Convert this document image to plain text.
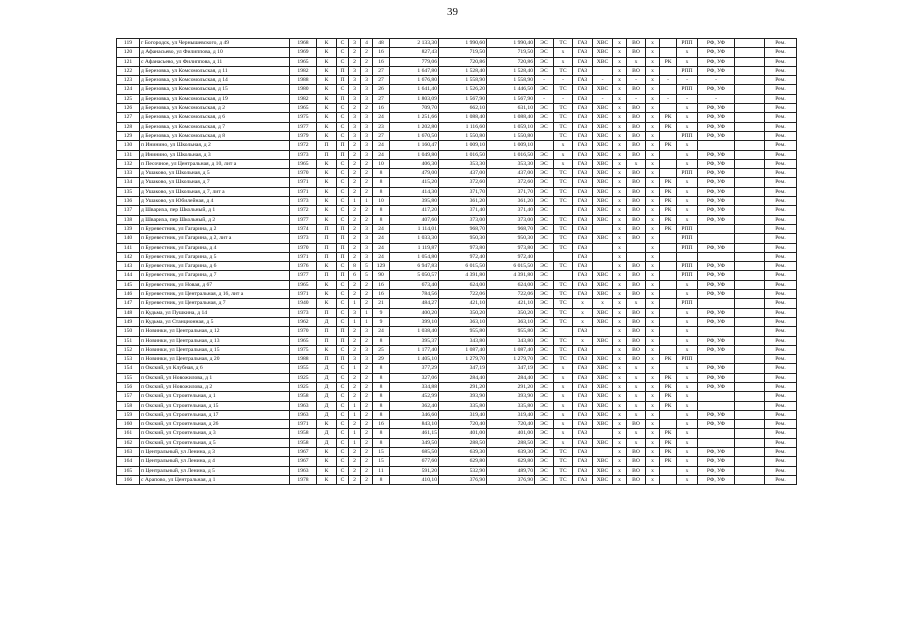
39
119	г Богородск, ул Чернышевского, д 49	1968	К	С	3	4	48	2 133,30	1 990,60	1 990,40	ЭС	ТС	ГАЗ	ХВС	х	ВО	х		РПП	РФ, УФ		Рем.
120	д Афанасьево, ул Филиппова, д 10	1969	К	С	2	2	16	827,43	719,50	719,50	ЭС	х	ГАЗ	ХВС	х	ВО	х		х	РФ, УФ		Рем.
121	с Афанасьево, ул Филиппова, д 11	1965	К	С	2	2	16	779,06	720,86	720,86	ЭС	х	ГАЗ	ХВС	х	х	х	РК	х	РФ, УФ		Рем.
122	д Березовка, ул Комсомольская, д 11	1982	К	П	3	3	27	1 647,80	1 528,40	1 528,40	ЭС	ТС	ГАЗ		х	ВО	х		РПП	РФ, УФ		Рем.
123	д Березовка, ул Комсомольская, д 14	1988	К	П	3	3	27	1 676,80	1 558,90	1 558,90	-	-	ГАЗ	-	х	-	х	-	-	-		Рем.
124	д Березовка, ул Комсомольская, д 15	1980	К	С	3	3	26	1 641,40	1 526,20	1 446,50	ЭС	ТС	ГАЗ	ХВС	х	ВО	х		РПП	РФ, УФ		Рем.
125	д Березовка, ул Комсомольская, д 19	1982	К	П	3	3	27	1 803,09	1 567,90	1 567,90	-	-	ГАЗ	-	х	-	х	-	-	-		Рем.
126	д Березовка, ул Комсомольская, д 2	1965	К	С	2	2	16	709,70	662,10	631,10	ЭС	ТС	ГАЗ	ХВС	х	ВО	х		х	РФ, УФ		Рем.
127	д Березовка, ул Комсомольская, д 6	1975	К	С	3	3	24	1 251,66	1 088,40	1 088,40	ЭС	ТС	ГАЗ	ХВС	х	ВО	х	РК	х	РФ, УФ		Рем.
128	д Березовка, ул Комсомольская, д 7	1977	К	С	3	3	23	1 202,80	1 116,60	1 059,10	ЭС	ТС	ГАЗ	ХВС	х	ВО	х	РК	х	РФ, УФ		Рем.
129	д Березовка, ул Комсомольская, д 8	1979	К	С	3	3	27	1 670,50	1 550,80	1 550,80		ТС	ГАЗ	ХВС	х	ВО	х		РПП	РФ, УФ		Рем.
130	п Ининино, ул Школьная, д 2	1972	П	П	2	3	24	1 160,47	1 009,10	1 009,10		х	ГАЗ	ХВС	х	ВО	х	РК	х			Рем.
131	д Ининино, ул Школьная, д 3	1973	П	П	2	3	24	1 049,80	1 016,50	1 016,50	ЭС	х	ГАЗ	ХВС	х	ВО	х		х	РФ, УФ		Рем.
132	п Песочное, ул Центральная, д 10, лит а	1965	К	С	2	2	10	406,30	353,30	353,30	ЭС	х	ГАЗ	ХВС	х	х	х		х	РФ, УФ		Рем.
133	д Ушаково, ул Школьная, д 5	1970	К	С	2	2	8	479,00	437,00	437,00	ЭС	ТС	ГАЗ	ХВС	х	ВО	х		РПП	РФ, УФ		Рем.
134	д Ушаково, ул Школьная, д 7	1971	К	С	2	2	8	415,20	372,60	372,60	ЭС	ТС	ГАЗ	ХВС	х	ВО	х	РК	х	РФ, УФ		Рем.
135	д Ушаково, ул Школьная, д 7, лит а	1971	К	С	2	2	8	414,30	371,70	371,70	ЭС	ТС	ГАЗ	ХВС	х	ВО	х	РК	х	РФ, УФ		Рем.
136	д Ушаково, ул Юбилейная, д 4	1973	К	С	1	1	10	395,80	361,20	361,20	ЭС	ТС	ГАЗ	ХВС	х	ВО	х	РК	х	РФ, УФ		Рем.
137	д Шварихa, пер Школьный, д 1	1972	К	С	2	2	8	417,20	371,40	371,40	ЭС		ГАЗ	ХВС	х	ВО	х	РК	х	РФ, УФ		Рем.
138	д Швариха, пер Школьный, д 2	1977	К	С	2	2	8	407,60	373,00	373,00	ЭС	ТС	ГАЗ	ХВС	х	ВО	х	РК	х	РФ, УФ		Рем.
139	п Буревестник, ул Гагарина, д 2	1974	П	П	2	3	24	1 114,01	968,70	968,70	ЭС	ТС	ГАЗ		х	ВО	х	РК	РПП			Рем.
140	п Буревестник, ул Гагарина, д 2, лит а	1973	П	П	2	3	24	1 033,30	950,30	950,30	ЭС	ТС	ГАЗ	ХВС	х	ВО	х		РПП			Рем.
141	п Буревестник, ул Гагарина, д 4	1970	П	П	2	3	24	1 119,87	973,80	973,80	ЭС	ТС	ГАЗ		х		х		РПП	РФ, УФ		Рем.
142	п Буревестник, ул Гагарина, д 5	1971	П	П	2	3	24	1 054,80	972,40	972,40			ГАЗ		х		х					Рем.
143	п Буревестник, ул Гагарина, д 6	1976	К	С	8	5	129	6 947,83	6 015,50	6 015,50	ЭС	ТС	ГАЗ		х	ВО	х		РПП	РФ, УФ		Рем.
144	п Буревестник, ул Гагарина, д 7	1977	П	П	6	5	90	5 050,57	4 391,80	4 391,80	ЭС		ГАЗ	ХВС	х	ВО	х		РПП	РФ, УФ		Рем.
145	п Буревестник, ул Новая, д 67	1965	К	С	2	2	16	673,40	624,00	624,00	ЭС	ТС	ГАЗ	ХВС	х	ВО	х		х	РФ, УФ		Рем.
146	п Буревестник, ул Центральная, д 16, лит а	1971	К	С	2	2	16	784,56	722,06	722,06	ЭС	ТС	ГАЗ	ХВС	х	ВО	х		х	РФ, УФ		Рем.
147	п Буревестник, ул Центральная, д 7	1940	К	С	1	2	21	484,27	421,10	421,10	ЭС	ТС	х	х	х	х	х		РПП			Рем.
148	п Кудьма, ул Пушкина, д 14	1973	П	С	3	1	9	400,20	350,20	350,20	ЭС	ТС	х	ХВС	х	ВО	х		х	РФ, УФ		Рем.
149	п Кудьма, ул Станционная, д 5	1962	Д	С	1	1	9	399,10	363,10	363,10	ЭС	ТС	х	ХВС	х	ВО	х		х	РФ, УФ		Рем.
150	п Новинки, ул Центральная, д 12	1970	П	П	2	3	24	1 038,40	955,80	955,80	ЭС		ГАЗ		х	ВО	х		х			Рем.
151	п Новинки, ул Центральная, д 13	1965	П	П	2	2	8	395,37	343,80	343,80	ЭС	ТС	х	ХВС	х	ВО	х		х	РФ, УФ		Рем.
152	п Новинки, ул Центральная, д 15	1975	К	С	2	3	25	1 177,40	1 087,40	1 087,40	ЭС	ТС	ГАЗ		х	ВО	х		х	РФ, УФ		Рем.
153	п Новинки, ул Центральная, д 20	1988	П	П	3	3	29	1 405,10	1 279,70	1 279,70	ЭС	ТС	ГАЗ	ХВС	х	ВО	х	РК	РПП			Рем.
154	п Окский, ул Клубная, д 6	1955	Д	С	1	2	8	377,29	347,19	347,19	ЭС	х	ГАЗ	ХВС	х	х	х		х	РФ, УФ		Рем.
155	п Окский, ул Новожилова, д 1	1925	Д	С	2	2	8	327,06	284,40	284,40	ЭС	х	ГАЗ	ХВС	х	х	х	РК	х	РФ, УФ		Рем.
156	п Окский, ул Новожилова, д 2	1925	Д	С	2	2	8	334,88	291,20	291,20	ЭС	х	ГАЗ	ХВС	х	х	х	РК	х	РФ, УФ		Рем.
157	п Окский, ул Строительная, д 1	1958	Д	С	2	2	8	452,99	393,90	393,90	ЭС	х	ГАЗ	ХВС	х	х	х	РК	х			Рем.
158	п Окский, ул Строительная, д 15	1963	Д	С	1	2	8	362,40	335,80	335,80	ЭС	х	ГАЗ	ХВС	х	х	х	РК	х			Рем.
159	п Окский, ул Строительная, д 17	1963	Д	С	1	2	8	346,60	319,40	319,40	ЭС	х	ГАЗ	ХВС	х	х	х		х	РФ, УФ		Рем.
160	п Окский, ул Строительная, д 26	1971	К	С	2	2	16	843,10	720,40	720,40	ЭС	х	ГАЗ	ХВС	х	ВО	х		х	РФ, УФ		Рем.
161	п Окский, ул Строительная, д 3	1958	Д	С	1	2	8	461,15	401,00	401,00	ЭС	х	ГАЗ		х	х	х	РК	х			Рем.
162	п Окский, ул Строительная, д 5	1958	Д	С	1	2	8	349,50	288,50	288,50	ЭС	х	ГАЗ	ХВС	х	х	х	РК	х			Рем.
163	п Центральный, ул Ленина, д 3	1967	К	С	2	2	15	685,50	639,30	639,30	ЭС	ТС	ГАЗ		х	ВО	х	РК	х	РФ, УФ		Рем.
164	п Центральный, ул Ленина, д 4	1967	К	С	2	2	15	677,60	629,80	629,80	ЭС	ТС	ГАЗ	ХВС	х	ВО	х	РК	х	РФ, УФ		Рем.
165	п Центральный, ул Ленина, д 5	1963	К	С	2	2	11	591,20	532,90	489,70	ЭС	ТС	ГАЗ	ХВС	х	ВО	х		х	РФ, УФ		Рем.
166	с Арапово, ул Центральная, д 1	1978	К	С	2	2	8	410,10	376,90	376,90	ЭС	ТС	ГАЗ	ХВС	х	ВО	х		х	РФ, УФ		Рем.
